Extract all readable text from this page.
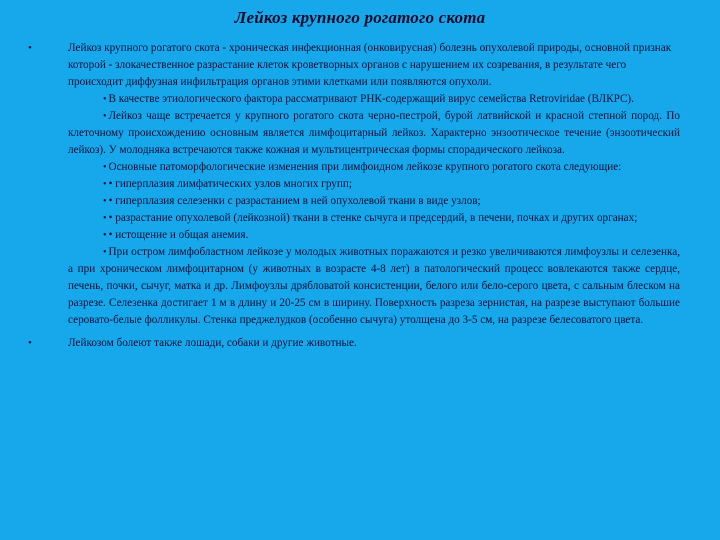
Лейкоз крупного рогатого скота

•	Лейкоз крупного рогатого скота - хроническая инфекционная (онковирусная) болезнь опухолевой природы, основной признак которой - злокачественное разрастание клеток кроветворных органов с нарушением их созревания, в результате чего происходит диффузная инфильтрация органов этими клетками или появляются опухоли.

• В качестве этиологического фактора рассматривают РНК-содержащий вирус семейства Retroviridae (ВЛКРС).

• Лейкоз чаще встречается у крупного рогатого скота черно-пестрой, бурой латвийской и красной степной пород. По клеточному происхождению основным является лимфоцитарный лейкоз. Характерно энзоотическое течение (энзоотический лейкоз). У молодняка встречаются также кожная и мультицентрическая формы спорадического лейкоза.

• Основные патоморфологические изменения при лимфоидном лейкозе крупного рогатого скота следующие:

• • гиперплазия лимфатических узлов многих групп;

• • гиперплазия селезенки с разрастанием в ней опухолевой ткани в виде узлов;

• • разрастание опухолевой (лейкозной) ткани в стенке сычуга и предсердий, в печени, почках и других органах;

• • истощение и общая анемия.

• При остром лимфобластном лейкозе у молодых животных поражаются и резко увеличиваются лимфоузлы и селезенка, а при хроническом лимфоцитарном (у животных в возрасте 4-8 лет) в патологический процесс вовлекаются также сердце, печень, почки, сычуг, матка и др. Лимфоузлы дрябловатой консистенции, белого или бело-серого цвета, с сальным блеском на разрезе. Селезенка достигает 1 м в длину и 20-25 см в ширину. Поверхность разреза зернистая, на разрезе выступают большие серовато-белые фолликулы. Стенка преджелудков (особенно сычуга) утолщена до 3-5 см, на разрезе белесоватого цвета.

•	Лейкозом болеют также лошади, собаки и другие животные.
